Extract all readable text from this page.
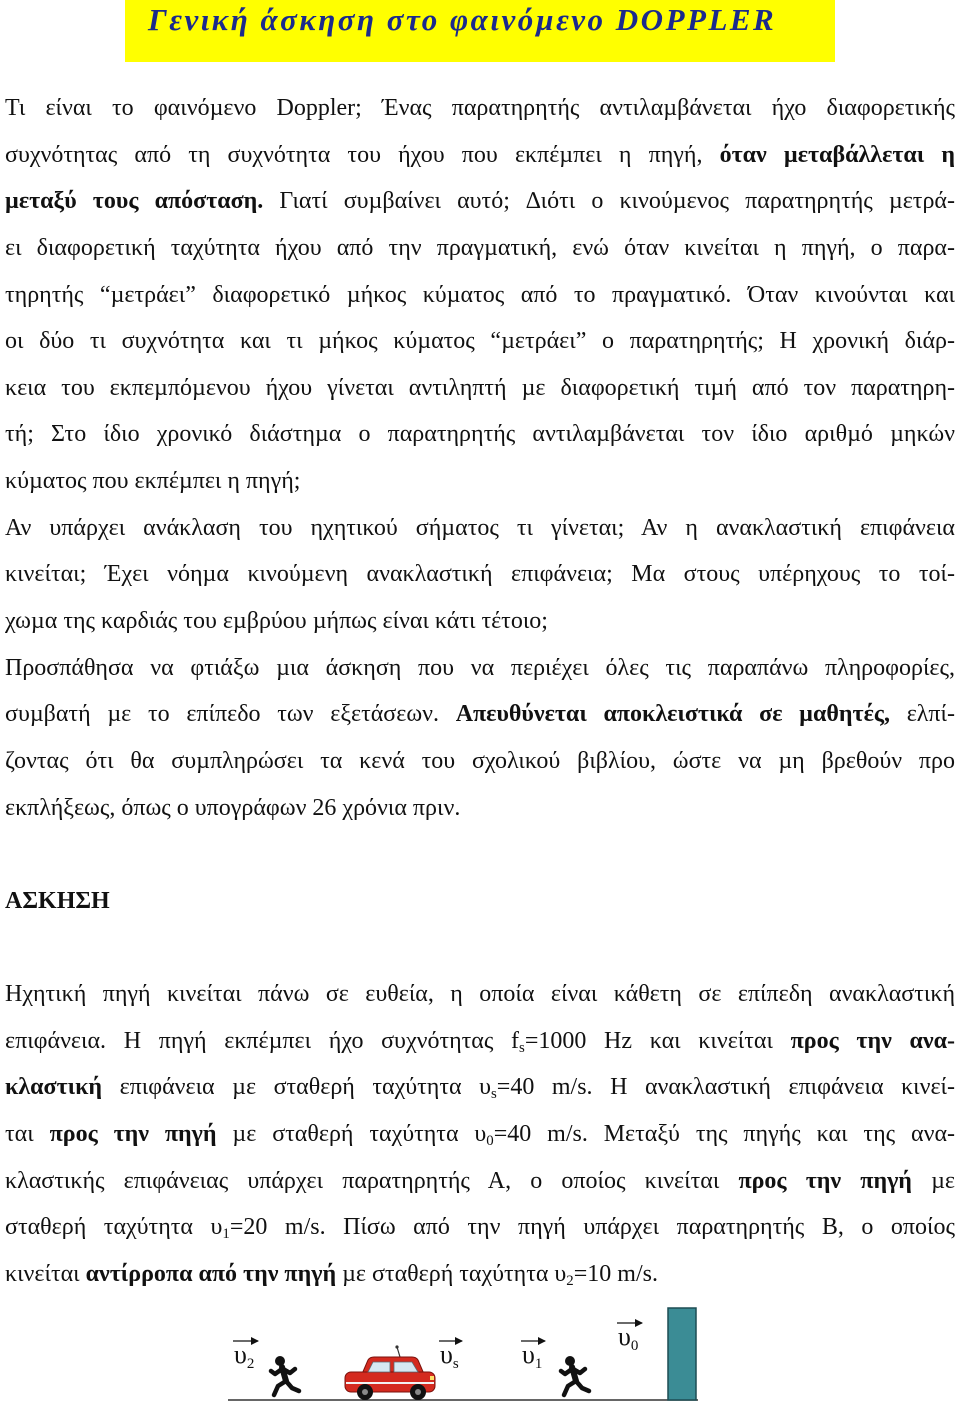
Γενική άσκηση στο φαινόµενο DOPPLER
Τι είναι το φαινόµενο Doppler; Ένας παρατηρητής αντιλαµβάνεται ήχο διαφορετικής
συχνότητας από τη συχνότητα του ήχου που εκπέµπει η πηγή, όταν µεταβάλλεται η
µεταξύ τους απόσταση. Γιατί συµβαίνει αυτό; ∆ιότι ο κινούµενος παρατηρητής µετρά-
ει διαφορετική ταχύτητα ήχου από την πραγµατική, ενώ όταν κινείται η πηγή, ο παρα-
τηρητής “µετράει” διαφορετικό µήκος κύµατος από το πραγµατικό. Όταν κινούνται και
οι δύο τι συχνότητα και τι µήκος κύµατος “µετράει” ο παρατηρητής; Η χρονική διάρ-
κεια του εκπεµπόµενου ήχου γίνεται αντιληπτή µε διαφορετική τιµή από τον παρατηρη-
τή; Στο ίδιο χρονικό διάστηµα ο παρατηρητής αντιλαµβάνεται τον ίδιο αριθµό µηκών
κύµατος που εκπέµπει η πηγή;
Αν υπάρχει ανάκλαση του ηχητικού σήµατος τι γίνεται; Αν η ανακλαστική επιφάνεια
κινείται; Έχει νόηµα κινούµενη ανακλαστική επιφάνεια; Μα στους υπέρηχους το τοί-
χωµα της καρδιάς του εµβρύου µήπως είναι κάτι τέτοιο;
Προσπάθησα να φτιάξω µια άσκηση που να περιέχει όλες τις παραπάνω πληροφορίες,
συµβατή µε το επίπεδο των εξετάσεων. Απευθύνεται αποκλειστικά σε µαθητές, ελπί-
ζοντας ότι θα συµπληρώσει τα κενά του σχολικού βιβλίου, ώστε να µη βρεθούν προ
εκπλήξεως, όπως ο υπογράφων 26 χρόνια πριν.
ΑΣΚΗΣΗ
Ηχητική πηγή κινείται πάνω σε ευθεία, η οποία είναι κάθετη σε επίπεδη ανακλαστική
επιφάνεια. Η πηγή εκπέµπει ήχο συχνότητας $f_s=1000$ Hz και κινείται προς την ανα-
κλαστική επιφάνεια µε σταθερή ταχύτητα $\upsilon_s=40$ m/s. Η ανακλαστική επιφάνεια κινεί-
ται προς την πηγή µε σταθερή ταχύτητα $\upsilon_0=40$ m/s. Μεταξύ της πηγής και της ανα-
κλαστικής επιφάνειας υπάρχει παρατηρητής Α, ο οποίος κινείται προς την πηγή µε
σταθερή ταχύτητα $\upsilon_1=20$ m/s. Πίσω από την πηγή υπάρχει παρατηρητής Β, ο οποίος
κινείται αντίρροπα από την πηγή µε σταθερή ταχύτητα $\upsilon_2=10$ m/s.
υ2	υs υ1
υ0
